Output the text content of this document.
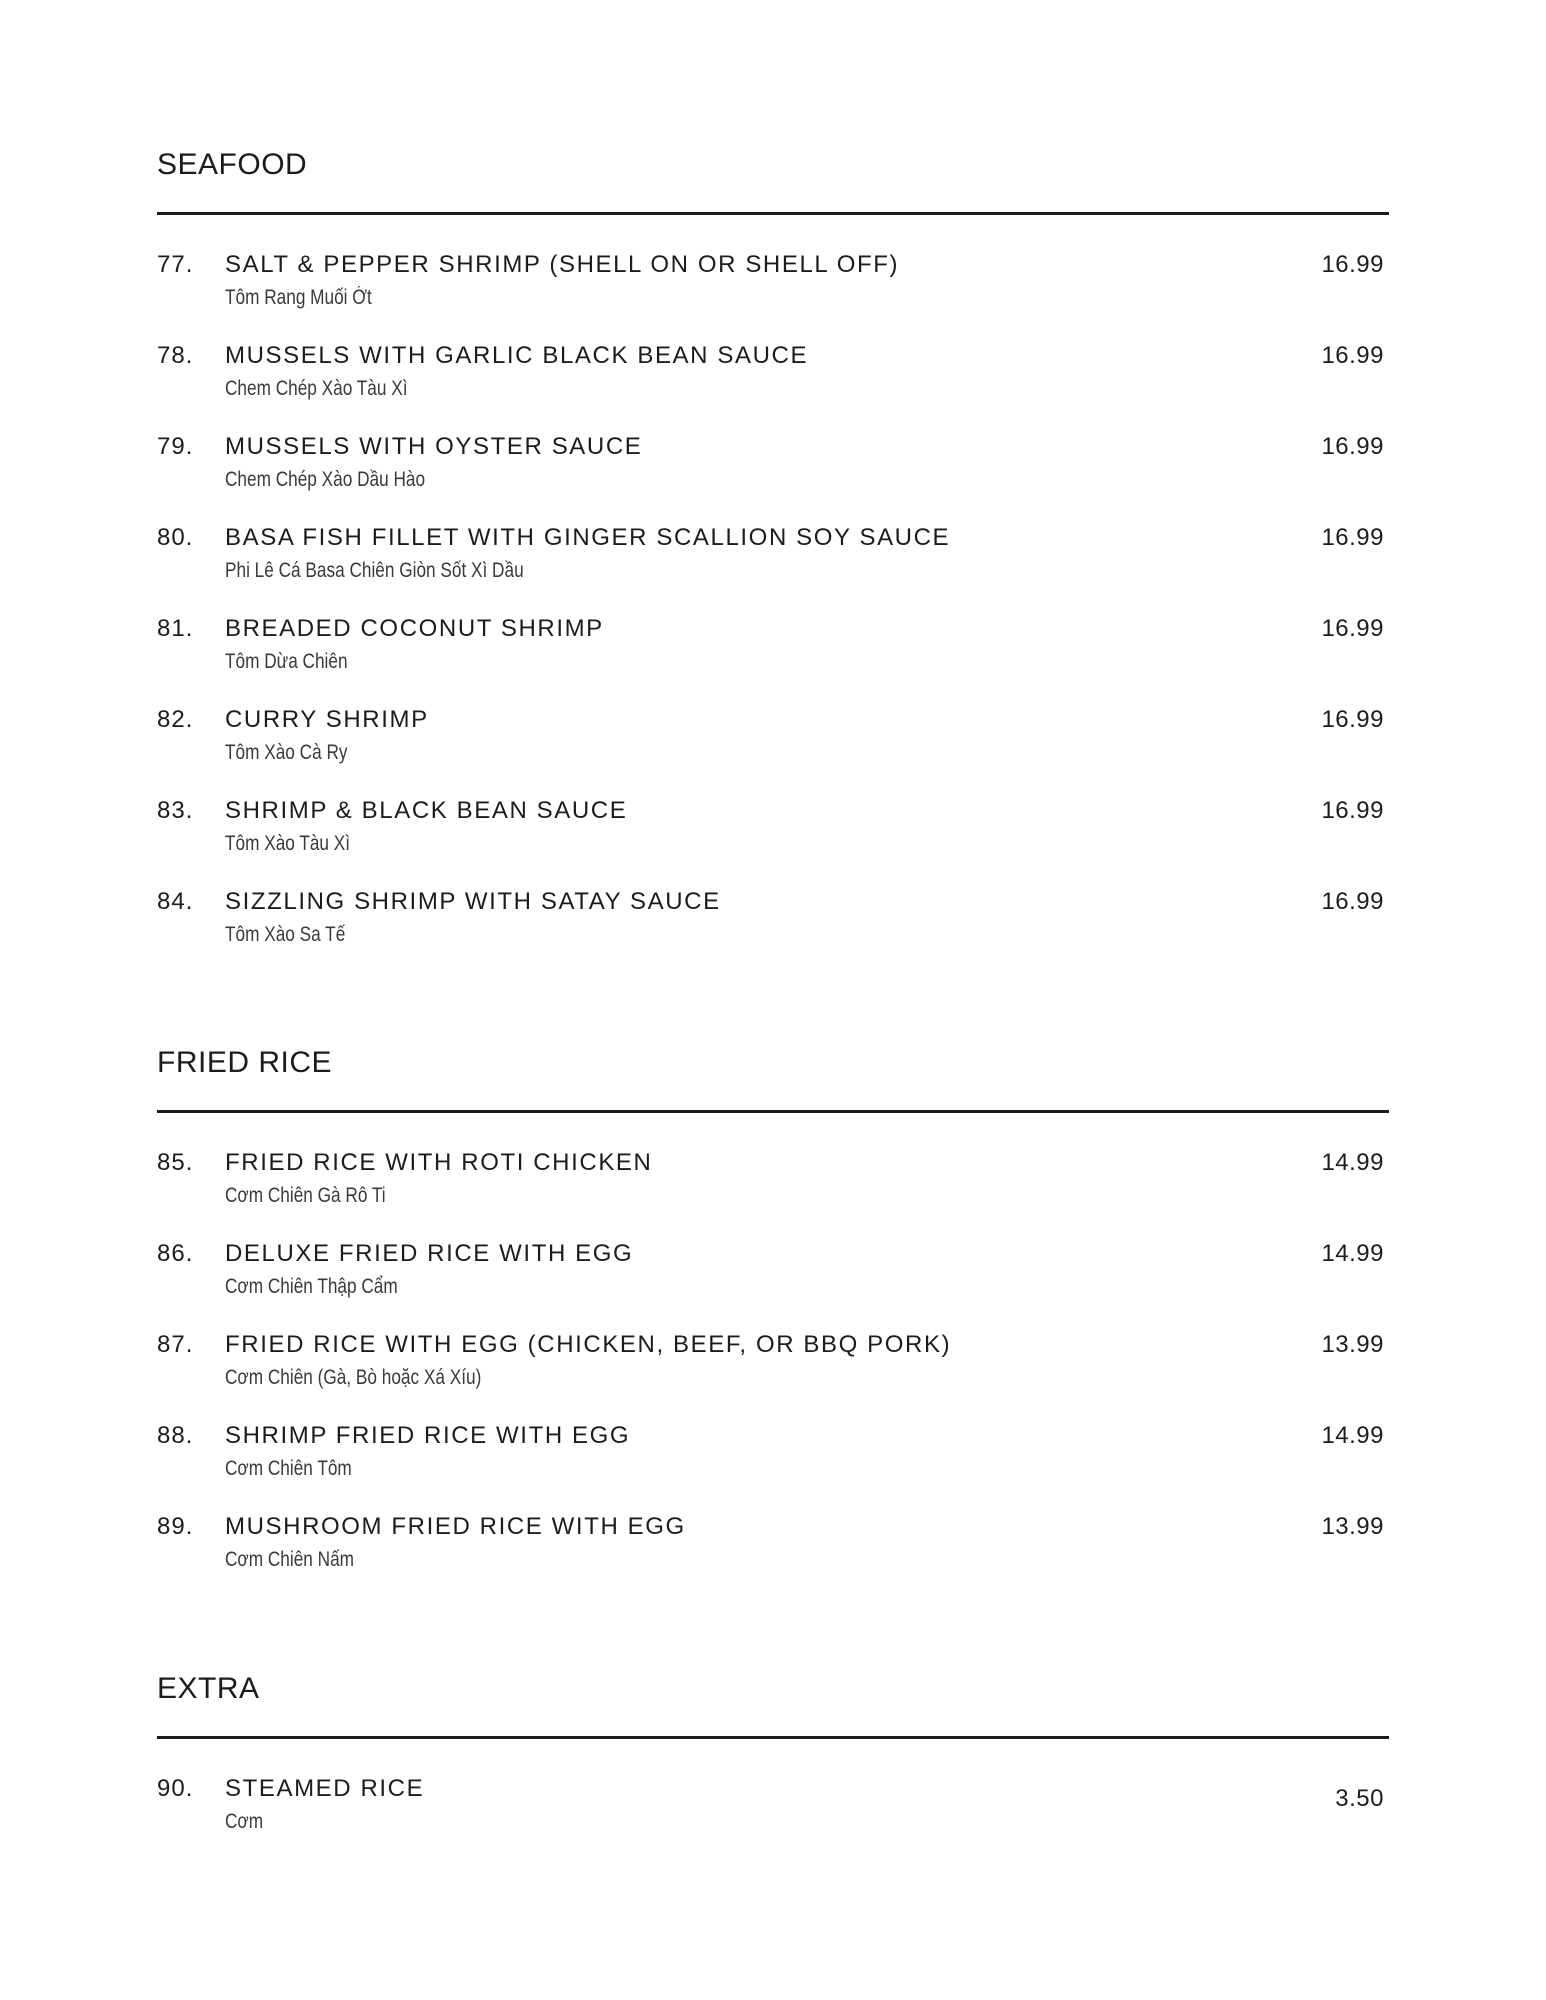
SEAFOOD
77. SALT & PEPPER SHRIMP (SHELL ON OR SHELL OFF)
Tôm Rang Muối Ớt
16.99
78. MUSSELS WITH GARLIC BLACK BEAN SAUCE
Chem Chép Xào Tàu Xì
16.99
79. MUSSELS WITH OYSTER SAUCE
Chem Chép Xào Dầu Hào
16.99
80. BASA FISH FILLET WITH GINGER SCALLION SOY SAUCE
Phi Lê Cá Basa Chiên Giòn Sốt Xì Dầu
16.99
81. BREADED COCONUT SHRIMP
Tôm Dừa Chiên
16.99
82. CURRY SHRIMP
Tôm Xào Cà Ry
16.99
83. SHRIMP & BLACK BEAN SAUCE
Tôm Xào Tàu Xì
16.99
84. SIZZLING SHRIMP WITH SATAY SAUCE
Tôm Xào Sa Tế
16.99
FRIED RICE
85. FRIED RICE WITH ROTI CHICKEN
Cơm Chiên Gà Rô Ti
14.99
86. DELUXE FRIED RICE WITH EGG
Cơm Chiên Thập Cẩm
14.99
87. FRIED RICE WITH EGG (CHICKEN, BEEF, OR BBQ PORK)
Cơm Chiên (Gà, Bò hoặc Xá Xíu)
13.99
88. SHRIMP FRIED RICE WITH EGG
Cơm Chiên Tôm
14.99
89. MUSHROOM FRIED RICE WITH EGG
Cơm Chiên Nấm
13.99
EXTRA
90. STEAMED RICE
Cơm
3.50
